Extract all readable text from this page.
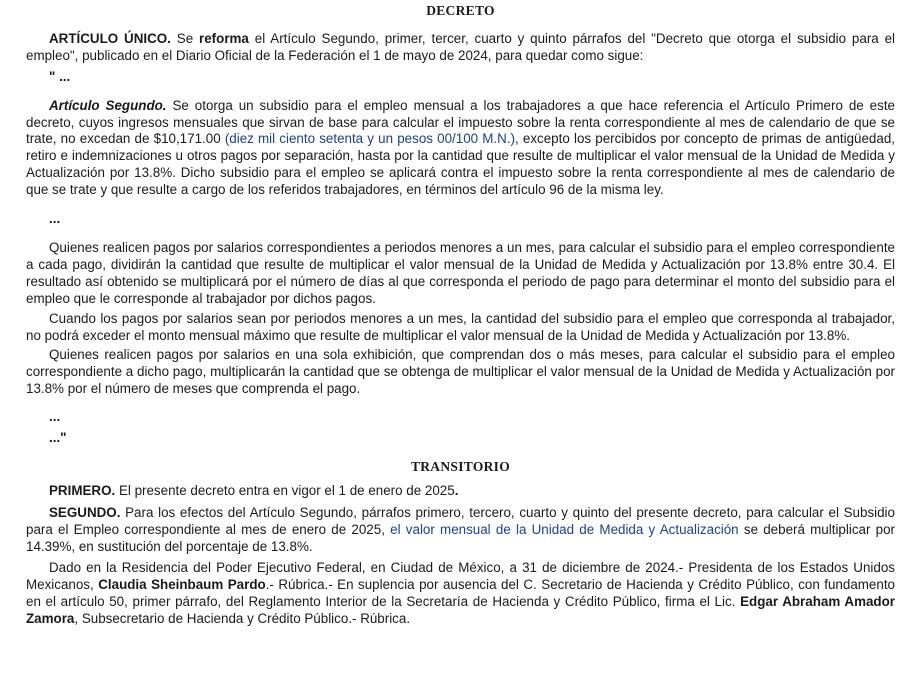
DECRETO

ARTÍCULO ÚNICO. Se reforma el Artículo Segundo, primer, tercer, cuarto y quinto párrafos del "Decreto que otorga el subsidio para el empleo", publicado en el Diario Oficial de la Federación el 1 de mayo de 2024, para quedar como sigue:

" ...

Artículo Segundo. Se otorga un subsidio para el empleo mensual a los trabajadores a que hace referencia el Artículo Primero de este decreto, cuyos ingresos mensuales que sirvan de base para calcular el impuesto sobre la renta correspondiente al mes de calendario de que se trate, no excedan de $10,171.00 (diez mil ciento setenta y un pesos 00/100 M.N.), excepto los percibidos por concepto de primas de antigüedad, retiro e indemnizaciones u otros pagos por separación, hasta por la cantidad que resulte de multiplicar el valor mensual de la Unidad de Medida y Actualización por 13.8%. Dicho subsidio para el empleo se aplicará contra el impuesto sobre la renta correspondiente al mes de calendario de que se trate y que resulte a cargo de los referidos trabajadores, en términos del artículo 96 de la misma ley.

...

Quienes realicen pagos por salarios correspondientes a periodos menores a un mes, para calcular el subsidio para el empleo correspondiente a cada pago, dividirán la cantidad que resulte de multiplicar el valor mensual de la Unidad de Medida y Actualización por 13.8% entre 30.4. El resultado así obtenido se multiplicará por el número de días al que corresponda el periodo de pago para determinar el monto del subsidio para el empleo que le corresponde al trabajador por dichos pagos.

Cuando los pagos por salarios sean por periodos menores a un mes, la cantidad del subsidio para el empleo que corresponda al trabajador, no podrá exceder el monto mensual máximo que resulte de multiplicar el valor mensual de la Unidad de Medida y Actualización por 13.8%.

Quienes realicen pagos por salarios en una sola exhibición, que comprendan dos o más meses, para calcular el subsidio para el empleo correspondiente a dicho pago, multiplicarán la cantidad que se obtenga de multiplicar el valor mensual de la Unidad de Medida y Actualización por 13.8% por el número de meses que comprenda el pago.

...
..."
TRANSITORIO

PRIMERO. El presente decreto entra en vigor el 1 de enero de 2025.

SEGUNDO. Para los efectos del Artículo Segundo, párrafos primero, tercero, cuarto y quinto del presente decreto, para calcular el Subsidio para el Empleo correspondiente al mes de enero de 2025, el valor mensual de la Unidad de Medida y Actualización se deberá multiplicar por 14.39%, en sustitución del porcentaje de 13.8%.

Dado en la Residencia del Poder Ejecutivo Federal, en Ciudad de México, a 31 de diciembre de 2024.- Presidenta de los Estados Unidos Mexicanos, Claudia Sheinbaum Pardo.- Rúbrica.- En suplencia por ausencia del C. Secretario de Hacienda y Crédito Público, con fundamento en el artículo 50, primer párrafo, del Reglamento Interior de la Secretaría de Hacienda y Crédito Público, firma el Lic. Edgar Abraham Amador Zamora, Subsecretario de Hacienda y Crédito Público.- Rúbrica.
